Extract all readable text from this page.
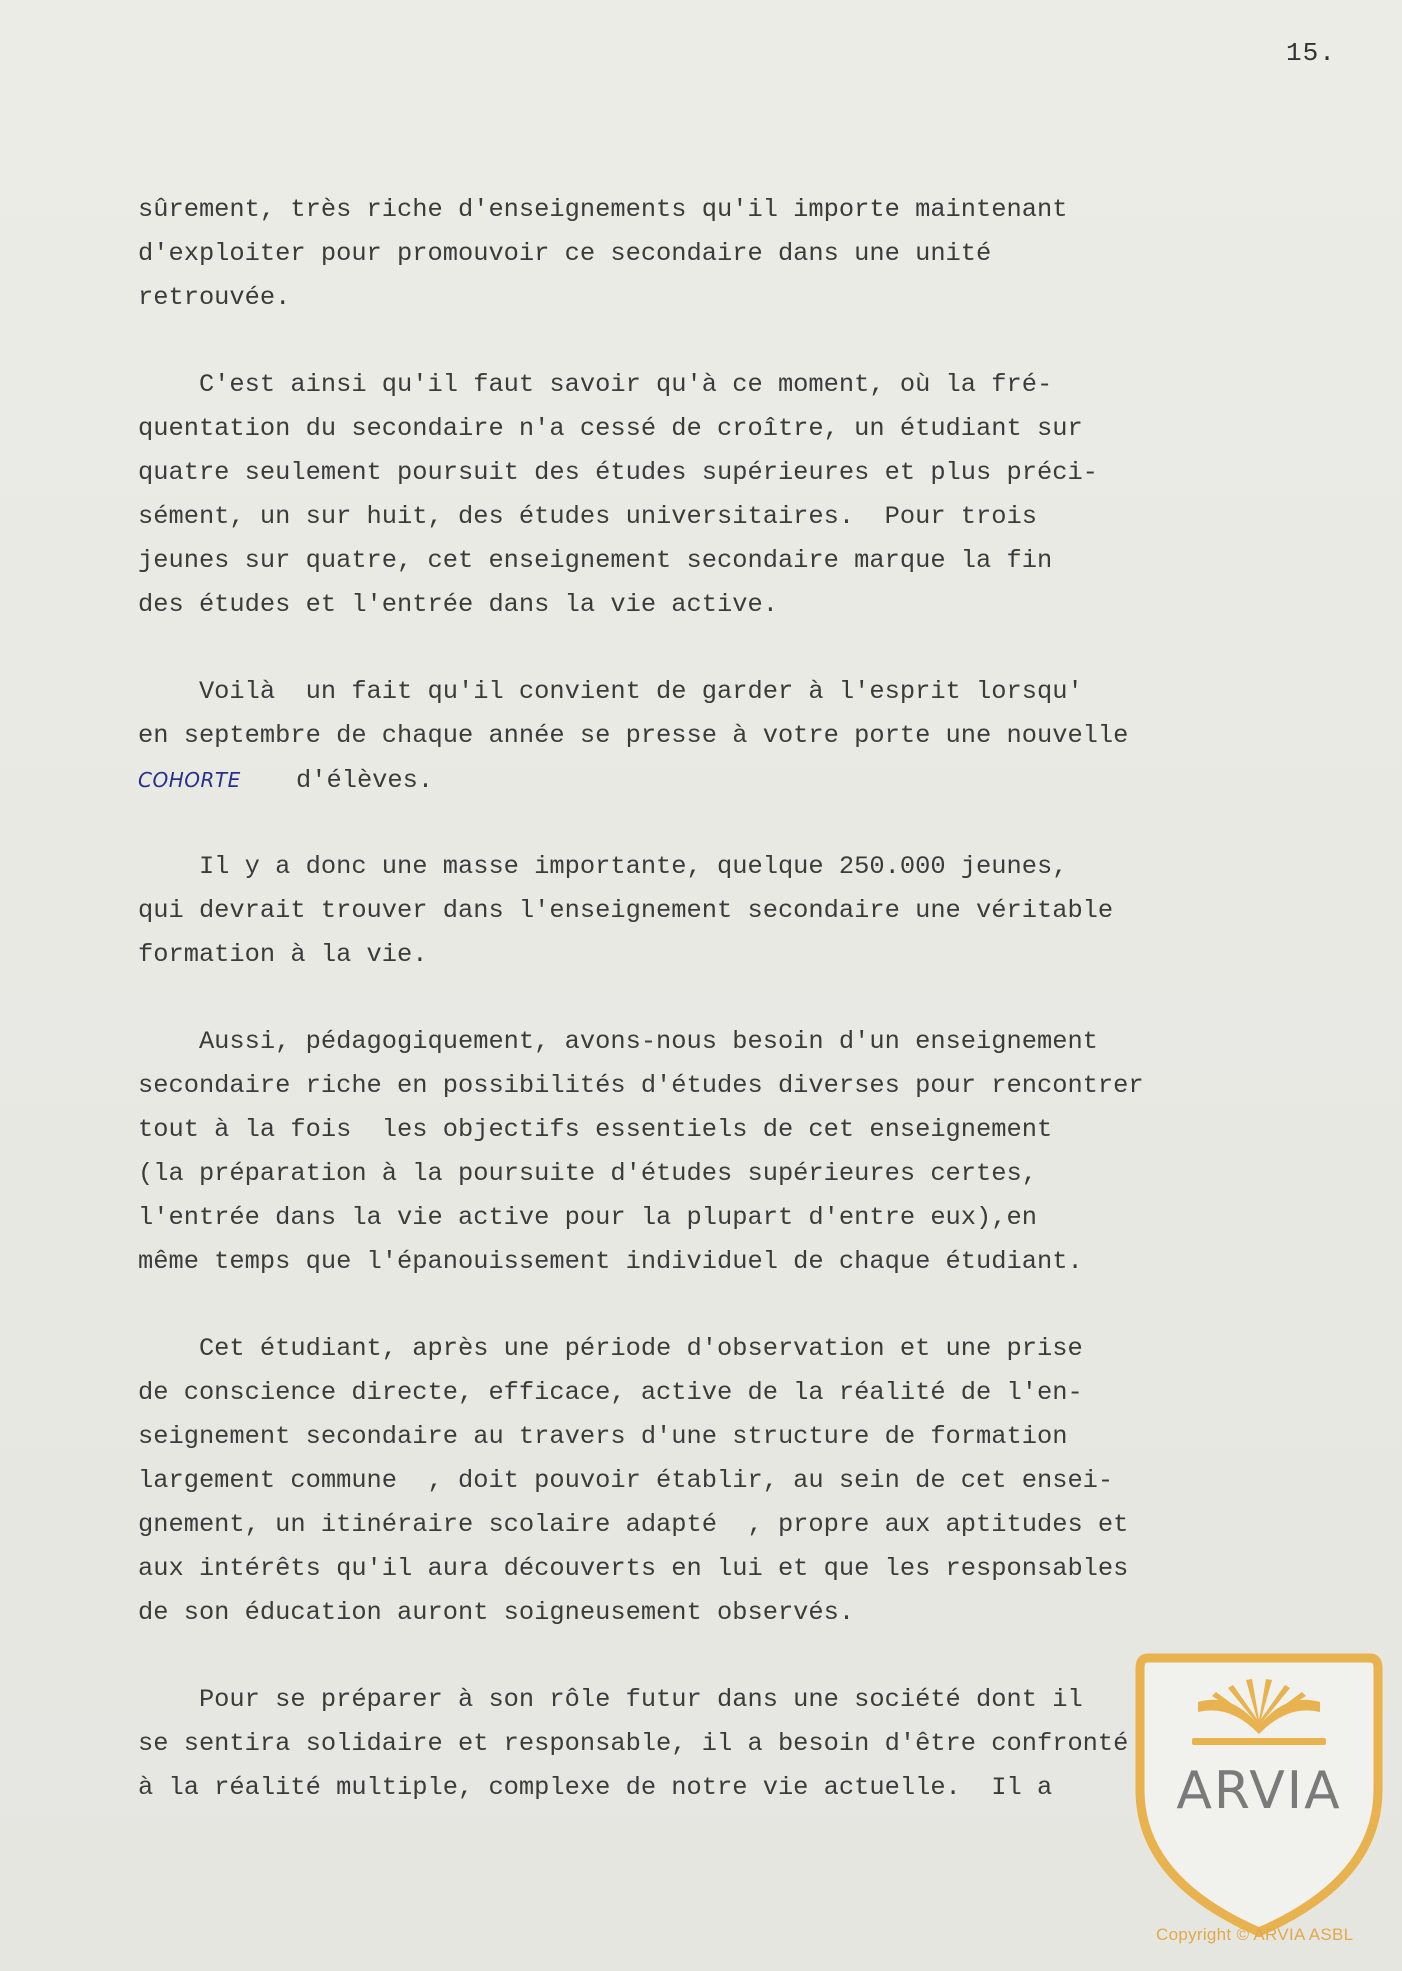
15.
sûrement, très riche d'enseignements qu'il importe maintenant
d'exploiter pour promouvoir ce secondaire dans une unité
retrouvée.
C'est ainsi qu'il faut savoir qu'à ce moment, où la fré-
quentation du secondaire n'a cessé de croître, un étudiant sur
quatre seulement poursuit des études supérieures et plus préci-
sément, un sur huit, des études universitaires.  Pour trois
jeunes sur quatre, cet enseignement secondaire marque la fin
des études et l'entrée dans la vie active.
Voilà  un fait qu'il convient de garder à l'esprit lorsqu'
en septembre de chaque année se presse à votre porte une nouvelle
COHORTE d'élèves.
Il y a donc une masse importante, quelque 250.000 jeunes,
qui devrait trouver dans l'enseignement secondaire une véritable
formation à la vie.
Aussi, pédagogiquement, avons-nous besoin d'un enseignement
secondaire riche en possibilités d'études diverses pour rencontrer
tout à la fois  les objectifs essentiels de cet enseignement
(la préparation à la poursuite d'études supérieures certes,
l'entrée dans la vie active pour la plupart d'entre eux),en
même temps que l'épanouissement individuel de chaque étudiant.
Cet étudiant, après une période d'observation et une prise
de conscience directe, efficace, active de la réalité de l'en-
seignement secondaire au travers d'une structure de formation
largement commune  , doit pouvoir établir, au sein de cet ensei-
gnement, un itinéraire scolaire adapté  , propre aux aptitudes et
aux intérêts qu'il aura découverts en lui et que les responsables
de son éducation auront soigneusement observés.
Pour se préparer à son rôle futur dans une société dont il
se sentira solidaire et responsable, il a besoin d'être confronté
à la réalité multiple, complexe de notre vie actuelle.  Il a	ARVIA
Copyright © ARVIA ASBL
